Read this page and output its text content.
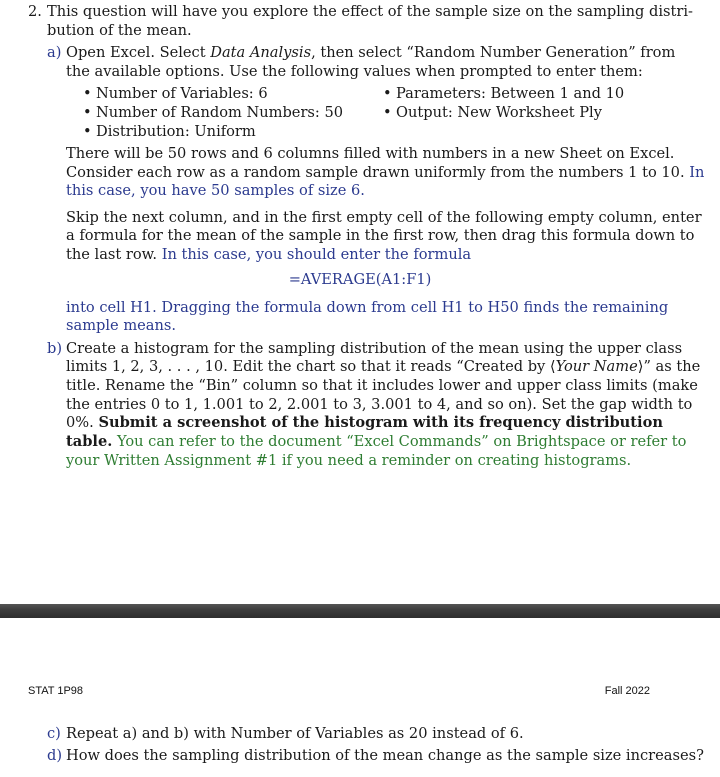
2. This question will have you explore the effect of the sample size on the sampling distri-

bution of the mean.

a) Open Excel. Select Data Analysis, then select “Random Number Generation” from

the available options. Use the following values when prompted to enter them:

• Number of Variables: 6

• Number of Random Numbers: 50

• Distribution: Uniform

• Parameters: Between 1 and 10

• Output: New Worksheet Ply

There will be 50 rows and 6 columns filled with numbers in a new Sheet on Excel.

Consider each row as a random sample drawn uniformly from the numbers 1 to 10. In

this case, you have 50 samples of size 6.

Skip the next column, and in the first empty cell of the following empty column, enter

a formula for the mean of the sample in the first row, then drag this formula down to

the last row. In this case, you should enter the formula

=AVERAGE(A1:F1)

into cell H1. Dragging the formula down from cell H1 to H50 finds the remaining

sample means.

b) Create a histogram for the sampling distribution of the mean using the upper class

limits 1, 2, 3, . . . , 10. Edit the chart so that it reads “Created by ⟨Your Name⟩” as the

title. Rename the “Bin” column so that it includes lower and upper class limits (make

the entries 0 to 1, 1.001 to 2, 2.001 to 3, 3.001 to 4, and so on). Set the gap width to

0%. Submit a screenshot of the histogram with its frequency distribution

table. You can refer to the document “Excel Commands” on Brightspace or refer to

your Written Assignment #1 if you need a reminder on creating histograms.

STAT 1P98	Fall 2022

c) Repeat a) and b) with Number of Variables as 20 instead of 6.

d) How does the sampling distribution of the mean change as the sample size increases?
